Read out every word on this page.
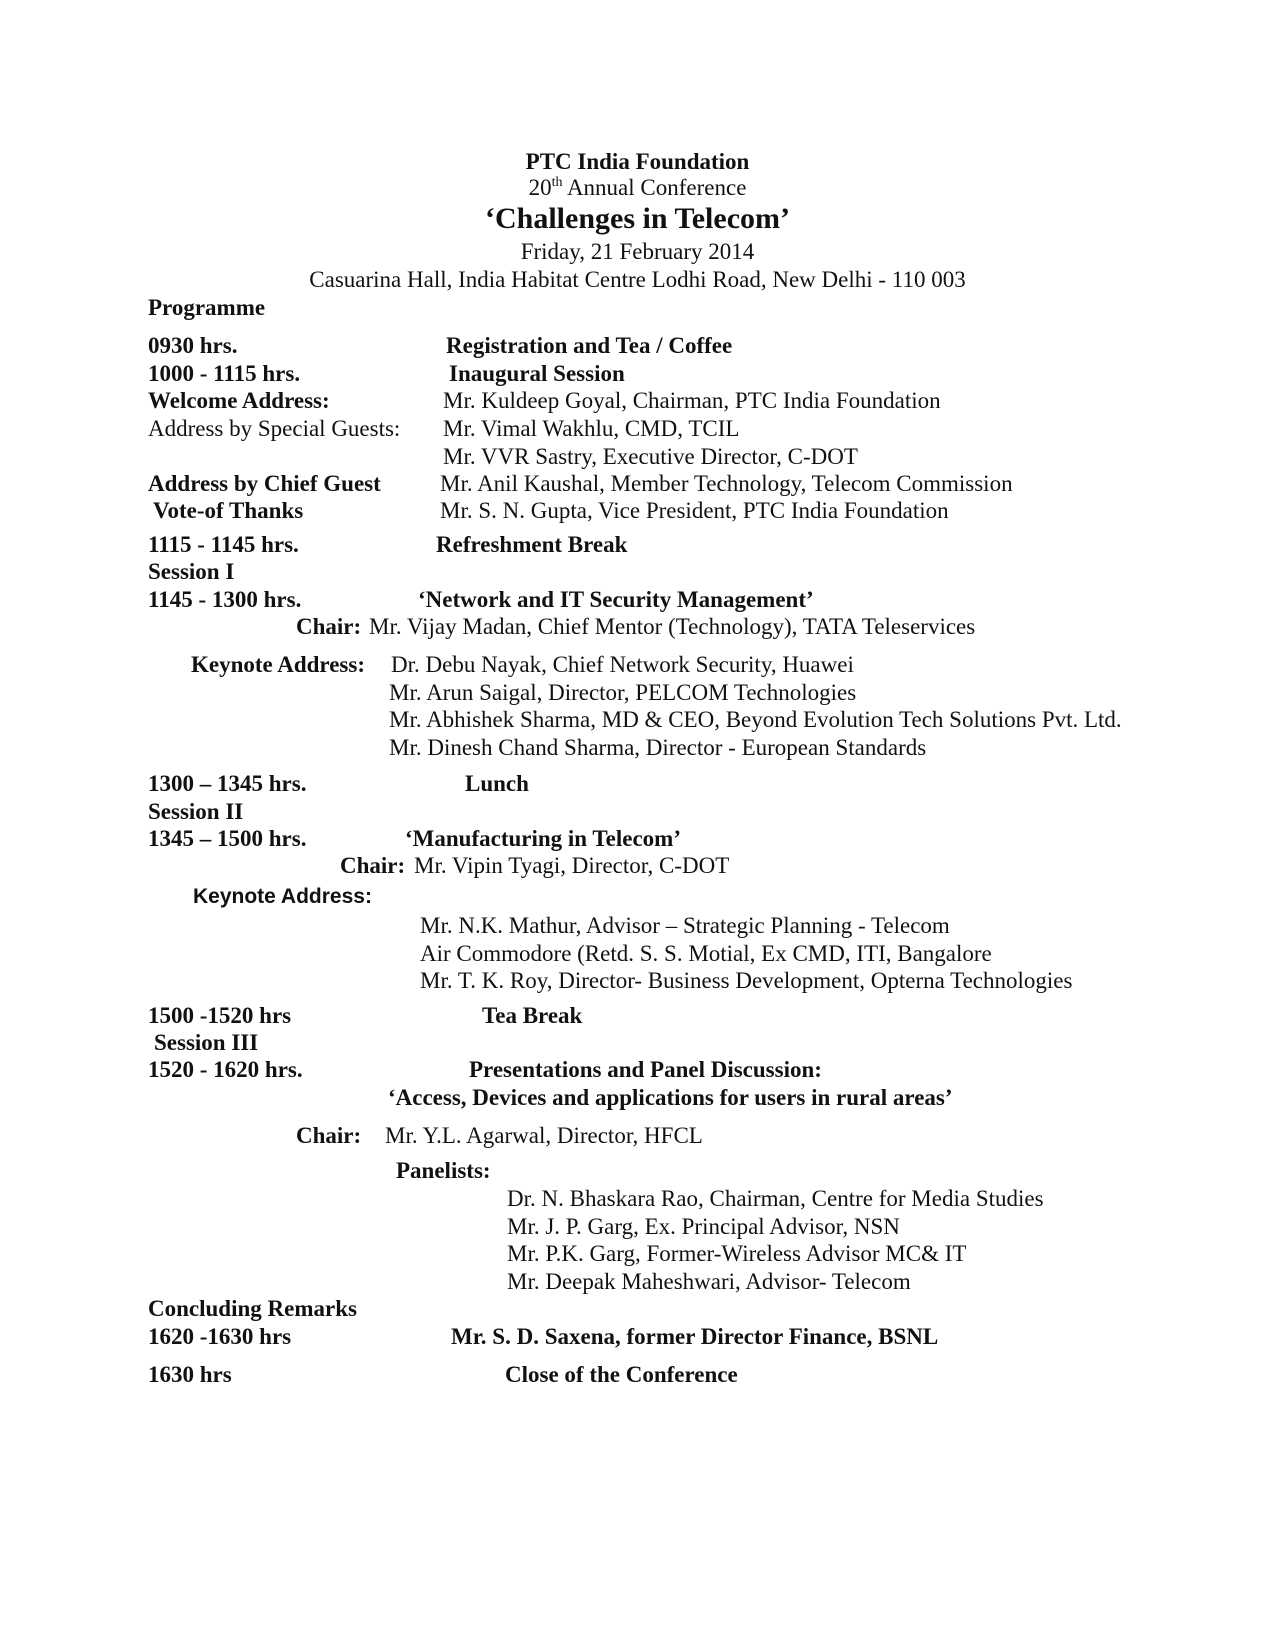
PTC India Foundation
20th Annual Conference
‘Challenges in Telecom’
Friday, 21 February 2014
Casuarina Hall, India Habitat Centre Lodhi Road, New Delhi - 110 003
Programme
0930 hrs.	Registration and Tea / Coffee
1000 - 1115 hrs.	Inaugural Session
Welcome Address:	Mr. Kuldeep Goyal, Chairman, PTC India Foundation
Address by Special Guests: Mr. Vimal Wakhlu, CMD, TCIL
Mr. VVR Sastry, Executive Director, C-DOT
Address by Chief Guest	Mr. Anil Kaushal, Member Technology, Telecom Commission
Vote-of Thanks	Mr. S. N. Gupta, Vice President, PTC India Foundation
1115 - 1145 hrs.	Refreshment Break
Session I
1145 - 1300 hrs.	‘Network and IT Security Management’
Chair: Mr. Vijay Madan, Chief Mentor (Technology), TATA Teleservices
Keynote Address: Dr. Debu Nayak, Chief Network Security, Huawei
Mr. Arun Saigal, Director, PELCOM Technologies
Mr. Abhishek Sharma, MD & CEO, Beyond Evolution Tech Solutions Pvt. Ltd.
Mr. Dinesh Chand Sharma, Director - European Standards
1300 – 1345 hrs.	Lunch
Session II
1345 – 1500 hrs.	‘Manufacturing in Telecom’
Chair: Mr. Vipin Tyagi, Director, C-DOT
Keynote Address:
Mr. N.K. Mathur, Advisor – Strategic Planning - Telecom
Air Commodore (Retd. S. S. Motial, Ex CMD, ITI, Bangalore
Mr. T. K. Roy, Director- Business Development, Opterna Technologies
1500 -1520 hrs	Tea Break
Session III
1520 - 1620 hrs.	Presentations and Panel Discussion:
‘Access, Devices and applications for users in rural areas’
Chair: Mr. Y.L. Agarwal, Director, HFCL
Panelists:
Dr. N. Bhaskara Rao, Chairman, Centre for Media Studies
Mr. J. P. Garg, Ex. Principal Advisor, NSN
Mr. P.K. Garg, Former-Wireless Advisor MC& IT
Mr. Deepak Maheshwari, Advisor- Telecom
Concluding Remarks
1620 -1630 hrs	Mr. S. D. Saxena, former Director Finance, BSNL
1630 hrs	Close of the Conference
